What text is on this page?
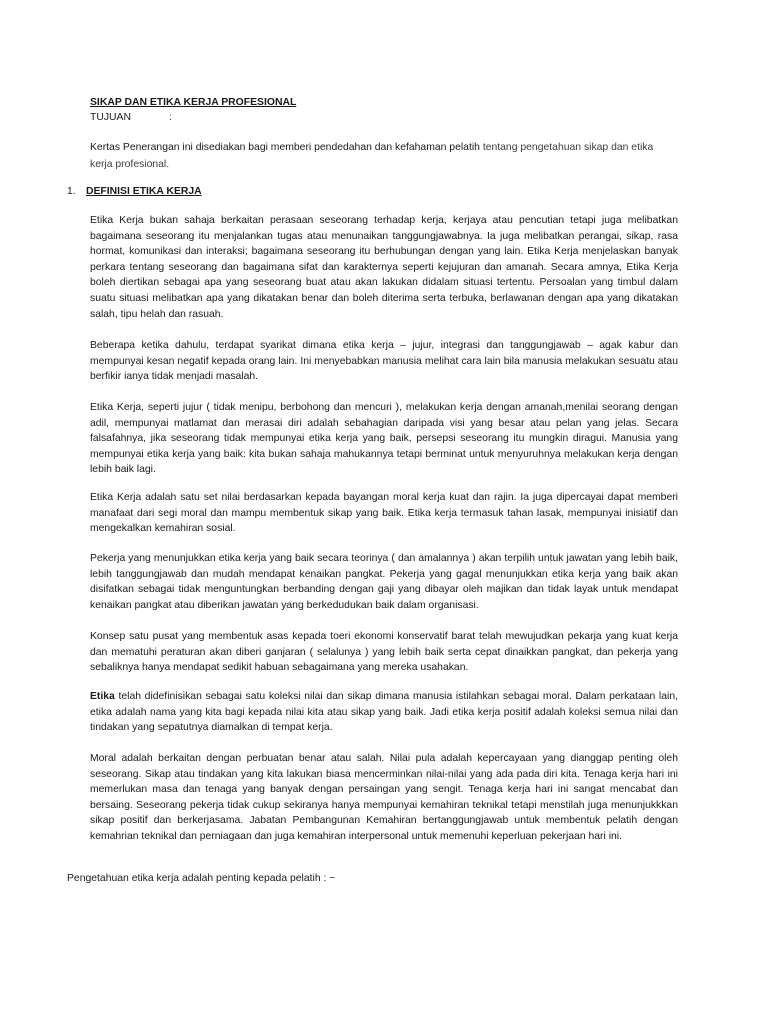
SIKAP DAN ETIKA KERJA PROFESIONAL
TUJUAN	:
Kertas Penerangan ini disediakan bagi memberi pendedahan dan kefahaman pelatih tentang pengetahuan sikap dan etika kerja profesional.
1. DEFINISI ETIKA KERJA

Etika Kerja bukan sahaja berkaitan perasaan seseorang terhadap kerja, kerjaya atau pencutian tetapi juga melibatkan bagaimana seseorang itu menjalankan tugas atau menunaikan tanggungjawabnya. Ia juga melibatkan perangai, sikap, rasa hormat, komunikasi dan interaksi; bagaimana seseorang itu berhubungan dengan yang lain. Etika Kerja menjelaskan banyak perkara tentang seseorang dan bagaimana sifat dan karakternya seperti kejujuran dan amanah. Secara amnya, Etika Kerja boleh diertikan sebagai apa yang seseorang buat atau akan lakukan didalam situasi tertentu. Persoalan yang timbul dalam suatu situasi melibatkan apa yang dikatakan benar dan boleh diterima serta terbuka, berlawanan dengan apa yang dikatakan salah, tipu helah dan rasuah.

Beberapa ketika dahulu, terdapat syarikat dimana etika kerja – jujur, integrasi dan tanggungjawab – agak kabur dan mempunyai kesan negatif kepada orang lain. Ini menyebabkan manusia melihat cara lain bila manusia melakukan sesuatu atau berfikir ianya tidak menjadi masalah.

Etika Kerja, seperti jujur ( tidak menipu, berbohong dan mencuri ), melakukan kerja dengan amanah,menilai seorang dengan adil, mempunyai matlamat dan merasai diri adalah sebahagian daripada visi yang besar atau pelan yang jelas. Secara falsafahnya, jika seseorang tidak mempunyai etika kerja yang baik, persepsi seseorang itu mungkin diragui. Manusia yang mempunyai etika kerja yang baik: kita bukan sahaja mahukannya tetapi berminat untuk menyuruhnya melakukan kerja dengan lebih baik lagi.

Etika Kerja adalah satu set nilai berdasarkan kepada bayangan moral kerja kuat dan rajin. Ia juga dipercayai dapat memberi manafaat dari segi moral dan mampu membentuk sikap yang baik. Etika kerja termasuk tahan lasak, mempunyai inisiatif dan mengekalkan kemahiran sosial.

Pekerja yang menunjukkan etika kerja yang baik secara teorinya ( dan amalannya ) akan terpilih untuk jawatan yang lebih baik, lebih tanggungjawab dan mudah mendapat kenaikan pangkat. Pekerja yang gagal menunjukkan etika kerja yang baik akan disifatkan sebagai tidak menguntungkan berbanding dengan gaji yang dibayar oleh majikan dan tidak layak untuk mendapat kenaikan pangkat atau diberikan jawatan yang berkedudukan baik dalam organisasi.

Konsep satu pusat yang membentuk asas kepada toeri ekonomi konservatif barat telah mewujudkan pekarja yang kuat kerja dan mematuhi peraturan akan diberi ganjaran ( selalunya ) yang lebih baik serta cepat dinaikkan pangkat, dan pekerja yang sebaliknya hanya mendapat sedikit habuan sebagaimana yang mereka usahakan.

Etika telah didefinisikan sebagai satu koleksi nilai dan sikap dimana manusia istilahkan sebagai moral. Dalam perkataan lain, etika adalah nama yang kita bagi kepada nilai kita atau sikap yang baik. Jadi etika kerja positif adalah koleksi semua nilai dan tindakan yang sepatutnya diamalkan di tempat kerja.

Moral adalah berkaitan dengan perbuatan benar atau salah. Nilai pula adalah kepercayaan yang dianggap penting oleh seseorang. Sikap atau tindakan yang kita lakukan biasa mencerminkan nilai-nilai yang ada pada diri kita. Tenaga kerja hari ini memerlukan masa dan tenaga yang banyak dengan persaingan yang sengit. Tenaga kerja hari ini sangat mencabat dan bersaing. Seseorang pekerja tidak cukup sekiranya hanya mempunyai kemahiran teknikal tetapi menstilah juga menunjukkkan sikap positif dan berkerjasama. Jabatan Pembangunan Kemahiran bertanggungjawab untuk membentuk pelatih dengan kemahrian teknikal dan perniagaan dan juga kemahiran interpersonal untuk memenuhi keperluan pekerjaan hari ini.

Pengetahuan etika kerja adalah penting kepada pelatih : ~
